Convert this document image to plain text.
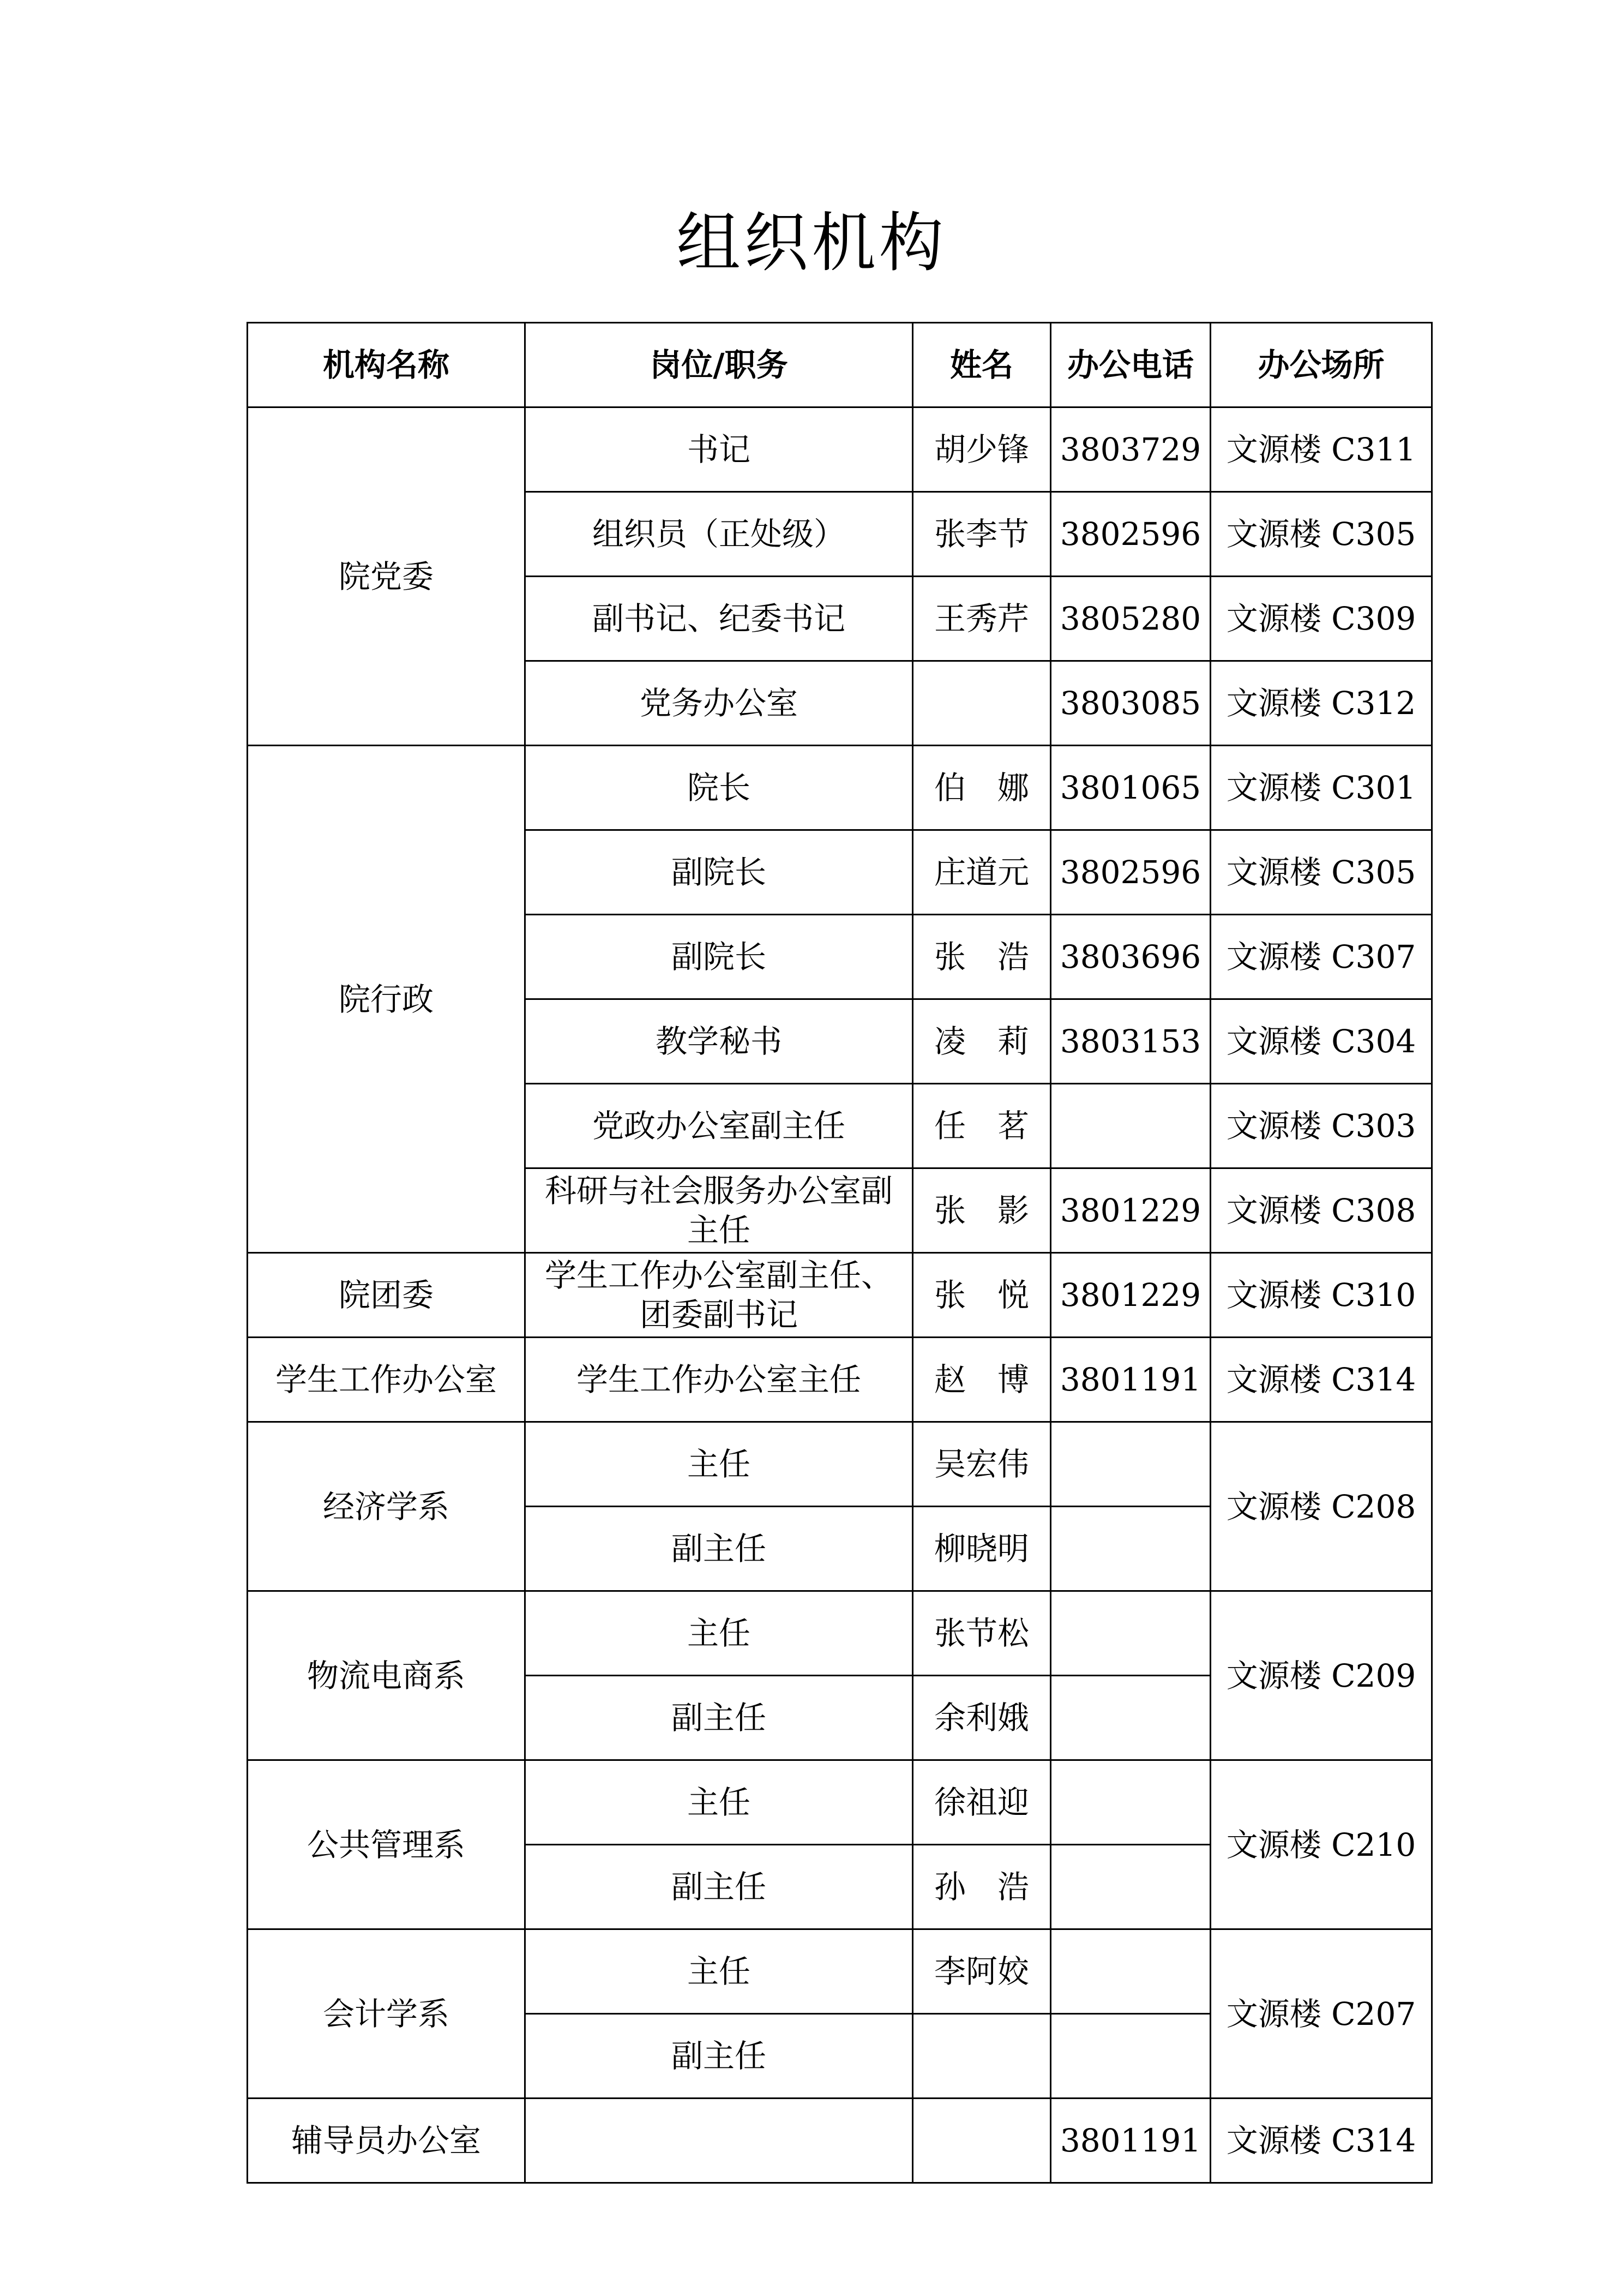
组织机构
机构名称	岗位/职务	姓名	办公电话	办公场所
院党委	书记	胡少锋	3803729	文源楼 C311
	组织员（正处级）	张李节	3802596	文源楼 C305
	副书记、纪委书记	王秀芹	3805280	文源楼 C309
	党务办公室		3803085	文源楼 C312
院行政	院长	伯　娜	3801065	文源楼 C301
	副院长	庄道元	3802596	文源楼 C305
	副院长	张　浩	3803696	文源楼 C307
	教学秘书	凌　莉	3803153	文源楼 C304
	党政办公室副主任	任　茗		文源楼 C303
	科研与社会服务办公室副主任	张　影	3801229	文源楼 C308
院团委	学生工作办公室副主任、团委副书记	张　悦	3801229	文源楼 C310
学生工作办公室	学生工作办公室主任	赵　博	3801191	文源楼 C314
经济学系	主任	吴宏伟		文源楼 C208
	副主任	柳晓明		
物流电商系	主任	张节松		文源楼 C209
	副主任	余利娥		
公共管理系	主任	徐祖迎		文源楼 C210
	副主任	孙　浩		
会计学系	主任	李阿姣		文源楼 C207
	副主任			
辅导员办公室			3801191	文源楼 C314
